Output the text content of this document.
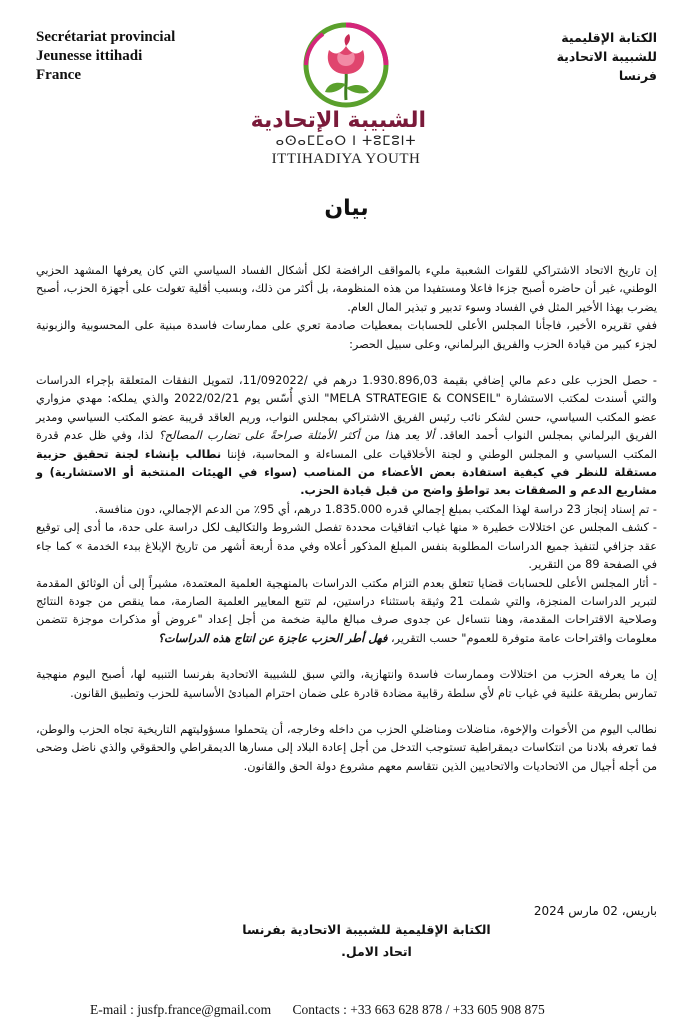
Secrétariat provincial
Jeunesse ittihadi
France
الكتابة الإقليمية
للشبيبة الاتحادية
فرنسا
الشبيبة الإتحادية
ⴰⵙⴰⵎⵎⴰⵔ ⵏ ⵜⵓⵎⵓⵏⵜ
ITTIHADIYA YOUTH
بيان

إن تاريخ الاتحاد الاشتراكي للقوات الشعبية مليء بالمواقف الرافضة لكل أشكال الفساد السياسي التي كان يعرفها المشهد الحزبي الوطني، غير أن حاضره أصبح جزءا فاعلا ومستفيدا من هذه المنظومة، بل أكثر من ذلك، وبسبب أقلية تغولت على أجهزة الحزب، أصبح يضرب بهذا الأخير المثل في الفساد وسوء تدبير و تبذير المال العام.

ففي تقريره الأخير، فاجأنا المجلس الأعلى للحسابات بمعطيات صادمة تعري على ممارسات فاسدة مبنية على المحسوبية والزبونية لجزء كبير من قيادة الحزب والفريق البرلماني، وعلى سبيل الحصر:

- حصل الحزب على دعم مالي إضافي بقيمة 1.930.896,03 درهم في /11/092022، لتمويل النفقات المتعلقة بإجراء الدراسات والتي أسندت لمكتب الاستشارة "MELA STRATEGIE & CONSEIL" الذي أُسّس يوم 2022/02/21 والذي يملكه: مهدي مزواري عضو المكتب السياسي، حسن لشكر نائب رئيس الفريق الاشتراكي بمجلس النواب، وريم العاقد قريبة عضو المكتب السياسي ومدير الفريق البرلماني بمجلس النواب أحمد العاقد. ألا يعد هذا من أكثر الأمثلة صراحةً على تضارب المصالح؟ لذا، وفي ظل عدم قدرة المكتب السياسي و المجلس الوطني و لجنة الأخلاقيات على المساءلة و المحاسبة، فإننا نطالب بإنشاء لجنة تحقيق حزبية مستقلة للنظر في كيفية استفادة بعض الأعضاء من المناصب (سواء في الهيئات المنتخبة أو الاستشارية) و مشاريع الدعم و الصفقات بعد تواطؤ واضح من قبل قيادة الحزب.

- تم إسناد إنجاز 23 دراسة لهذا المكتب بمبلغ إجمالي قدره 1.835.000 درهم، أي 95٪ من الدعم الإجمالي، دون منافسة.

- كشف المجلس عن اختلالات خطيرة « منها غياب اتفاقيات محددة تفصل الشروط والتكاليف لكل دراسة على حدة، ما أدى إلى توقيع عقد جزافي لتنفيذ جميع الدراسات المطلوبة بنفس المبلغ المذكور أعلاه وفي مدة أربعة أشهر من تاريخ الإبلاغ ببدء الخدمة » كما جاء في الصفحة 89 من التقرير.

- أثار المجلس الأعلى للحسابات قضايا تتعلق بعدم التزام مكتب الدراسات بالمنهجية العلمية المعتمدة، مشيراً إلى أن الوثائق المقدمة لتبرير الدراسات المنجزة، والتي شملت 21 وثيقة باستثناء دراستين، لم تتبع المعايير العلمية الصارمة، مما ينقص من جودة النتائج وصلاحية الاقتراحات المقدمة، وهنا نتساءل عن جدوى صرف مبالغ مالية ضخمة من أجل إعداد "عروض أو مذكرات موجزة تتضمن معلومات واقتراحات عامة متوفرة للعموم" حسب التقرير، فهل أطر الحزب عاجزة عن انتاج هذه الدراسات؟

إن ما يعرفه الحزب من اختلالات وممارسات فاسدة وانتهازية، والتي سبق للشبيبة الاتحادية بفرنسا التنبيه لها، أصبح اليوم منهجية تمارس بطريقة علنية في غياب تام لأي سلطة رقابية مضادة قادرة على ضمان احترام المبادئ الأساسية للحزب وتطبيق القانون.

نطالب اليوم من الأخوات والإخوة، مناضلات ومناضلي الحزب من داخله وخارجه، أن يتحملوا مسؤوليتهم التاريخية تجاه الحزب والوطن، فما تعرفه بلادنا من انتكاسات ديمقراطية تستوجب التدخل من أجل إعادة البلاد إلى مسارها الديمقراطي والحقوقي والذي ناضل وضحى من أجله أجيال من الاتحاديات والاتحاديين الذين نتقاسم معهم مشروع دولة الحق والقانون.

باريس، 02 مارس 2024
الكتابة الإقليمية للشبيبة الاتحادية بفرنسا
اتحاد الامل.
E-mail : jusfp.france@gmail.com Contacts : +33 663 628 878 / +33 605 908 875
